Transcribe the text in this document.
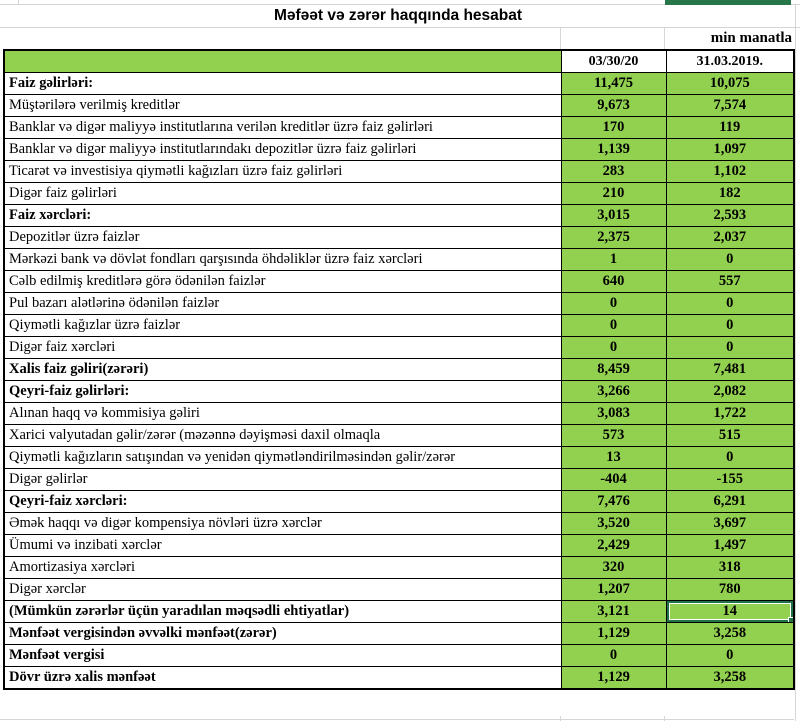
Məfəət və zərər haqqında hesabat
min manatla
	03/30/20	31.03.2019.
Faiz gəlirləri:	11,475	10,075
Müştərilərə verilmiş kreditlər	9,673	7,574
Banklar və digər maliyyə institutlarına verilən kreditlər üzrə faiz gəlirləri	170	119
Banklar və digər maliyyə institutlarındakı depozitlər üzrə faiz gəlirləri	1,139	1,097
Ticarət və investisiya qiymətli kağızları üzrə faiz gəlirləri	283	1,102
Digər faiz gəlirləri	210	182
Faiz xərcləri:	3,015	2,593
Depozitlər üzrə faizlər	2,375	2,037
Mərkəzi bank və dövlət fondları qarşısında öhdəliklər üzrə faiz xərcləri	1	0
Cəlb edilmiş kreditlərə görə ödənilən faizlər	640	557
Pul bazarı alətlərinə ödənilən faizlər	0	0
Qiymətli kağızlar üzrə faizlər	0	0
Digər faiz xərcləri	0	0
Xalis faiz gəliri(zərəri)	8,459	7,481
Qeyri-faiz gəlirləri:	3,266	2,082
Alınan haqq və kommisiya gəliri	3,083	1,722
Xarici valyutadan gəlir/zərər (məzənnə dəyişməsi daxil olmaqla	573	515
Qiymətli kağızların satışından və yenidən qiymətləndirilməsindən gəlir/zərər	13	0
Digər gəlirlər	-404	-155
Qeyri-faiz xərcləri:	7,476	6,291
Əmək haqqı və digər kompensiya növləri üzrə xərclər	3,520	3,697
Ümumi və inzibati xərclər	2,429	1,497
Amortizasiya xərcləri	320	318
Digər xərclər	1,207	780
(Mümkün zərərlər üçün yaradılan məqsədli ehtiyatlar)	3,121	14
Mənfəət vergisindən əvvəlki mənfəət(zərər)	1,129	3,258
Mənfəət vergisi	0	0
Dövr üzrə xalis mənfəət	1,129	3,258
